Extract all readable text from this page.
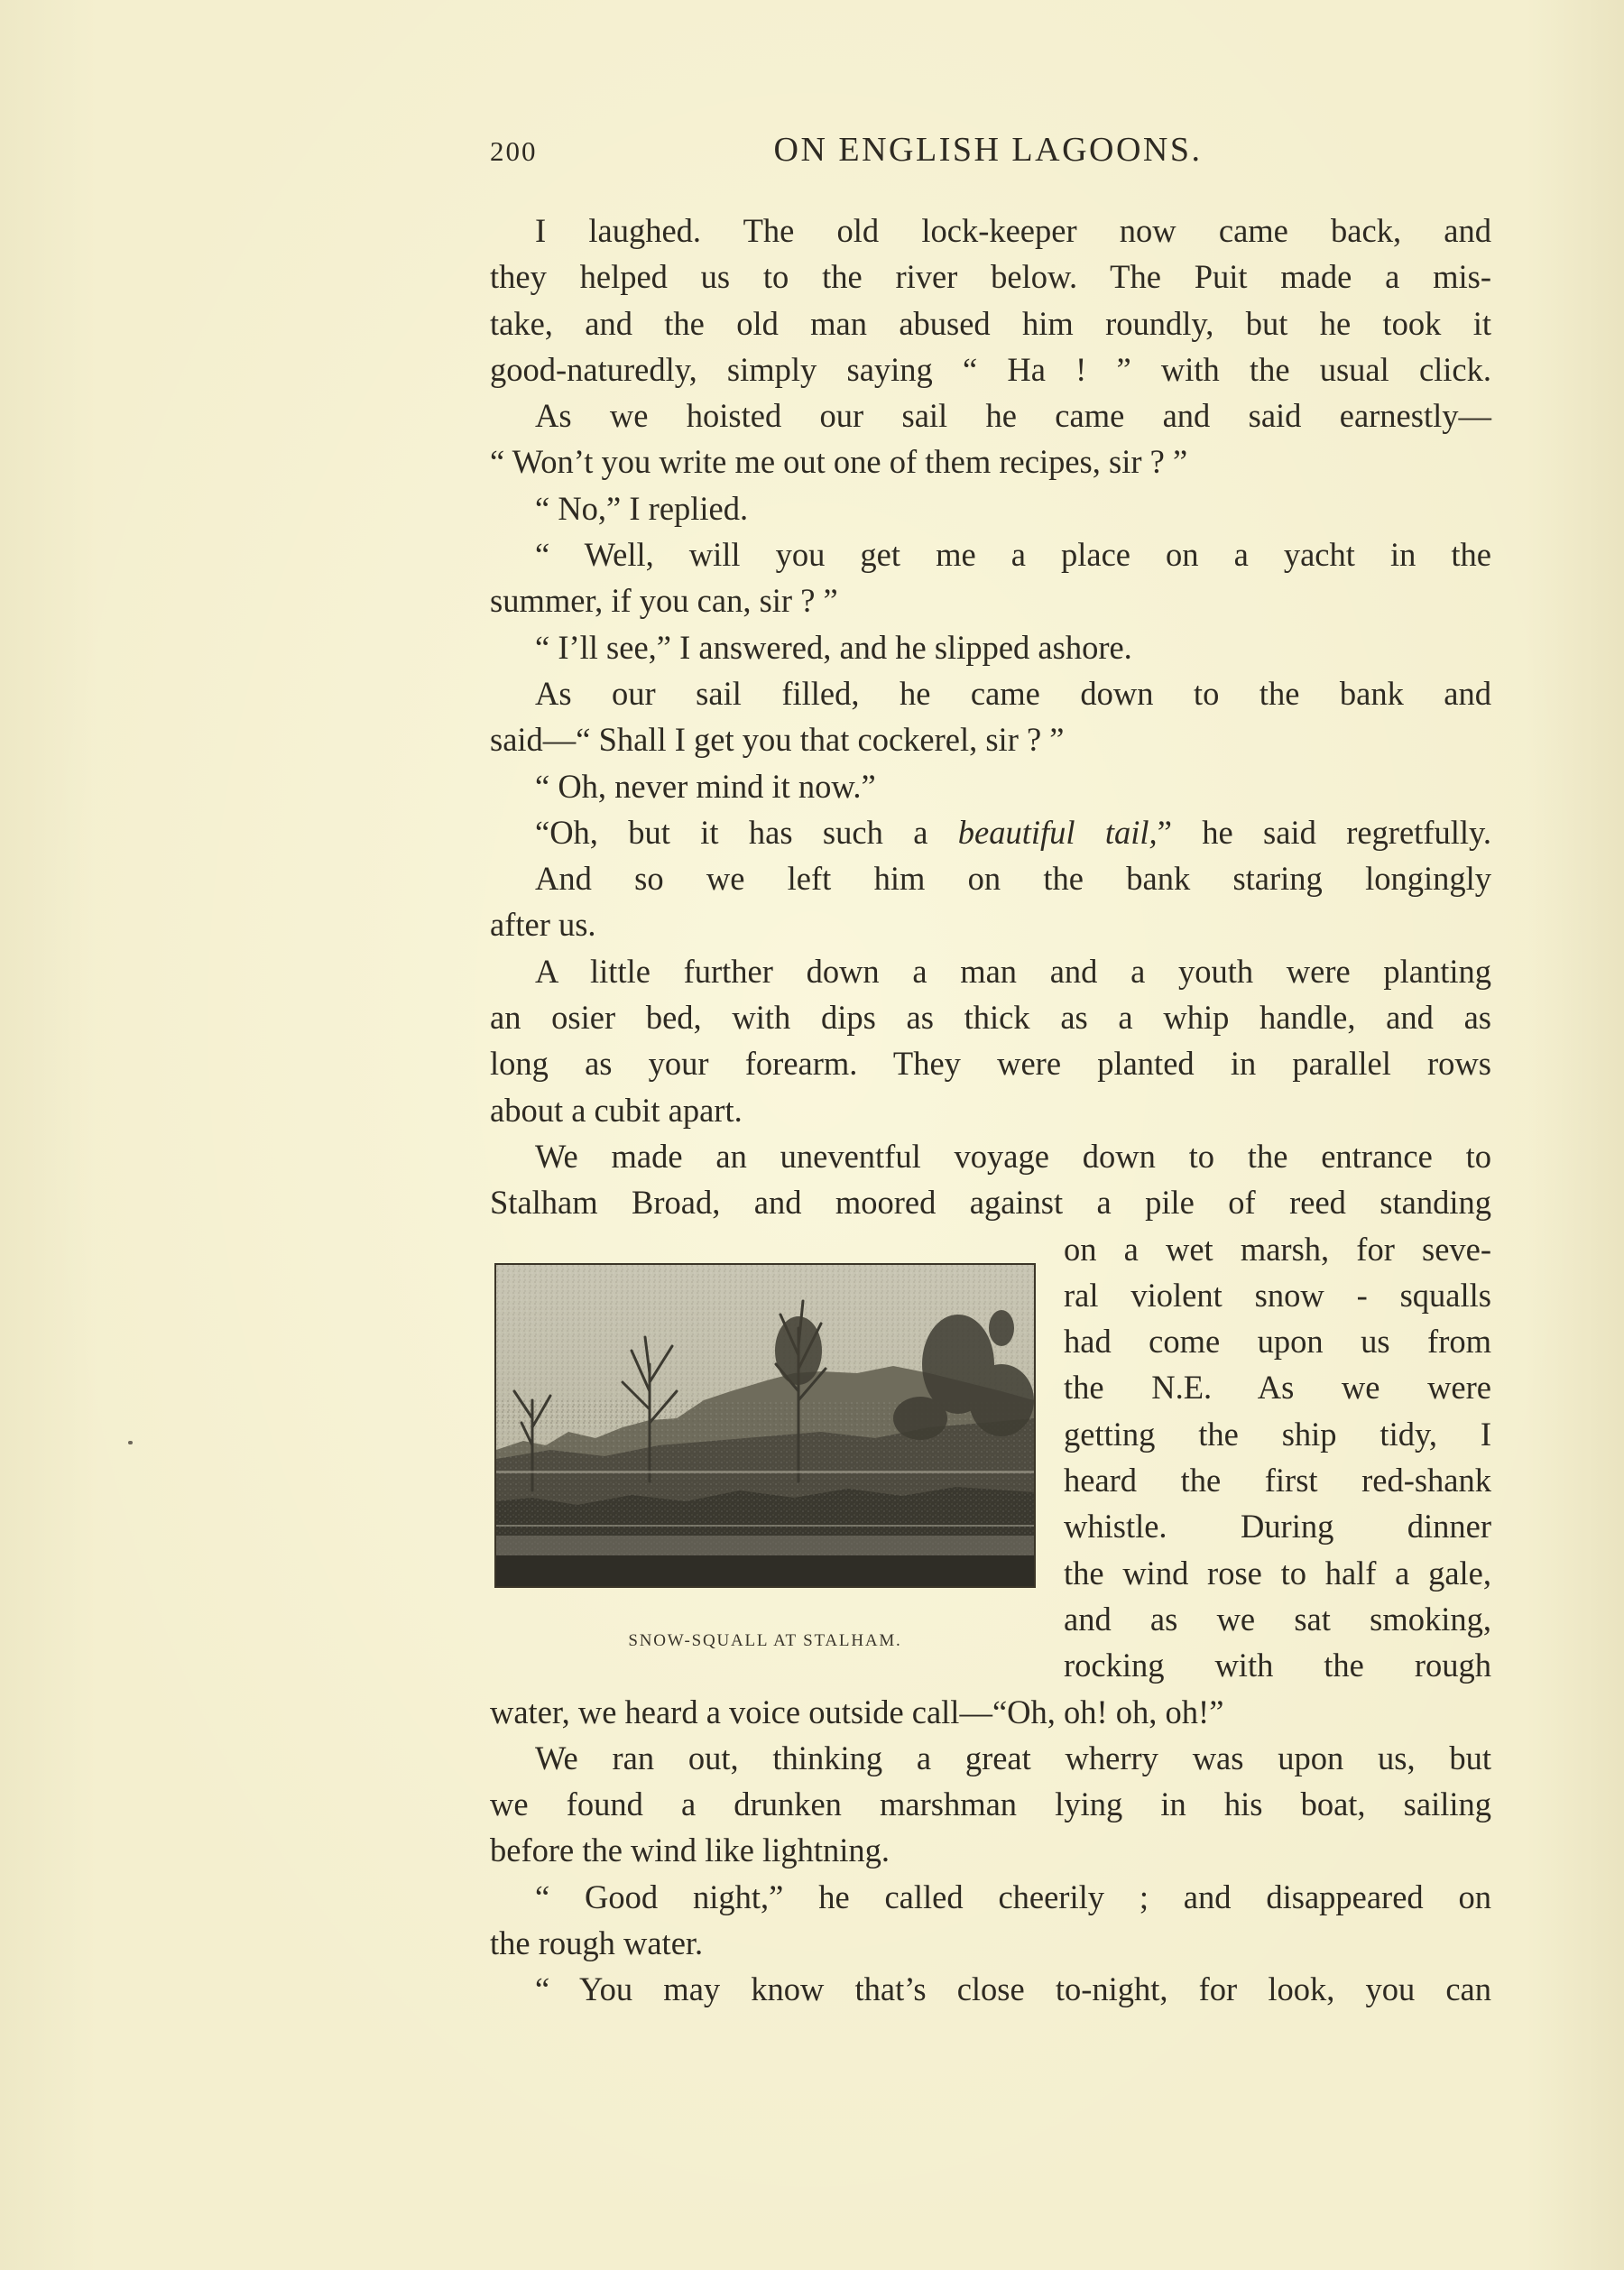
200	ON ENGLISH LAGOONS.
I laughed. The old lock-keeper now came back, and
they helped us to the river below. The Puit made a mis-
take, and the old man abused him roundly, but he took it
good-naturedly, simply saying “ Ha ! ” with the usual click.
As we hoisted our sail he came and said earnestly—
“ Won’t you write me out one of them recipes, sir ? ”
“ No,” I replied.
“ Well, will you get me a place on a yacht in the
summer, if you can, sir ? ”
“ I’ll see,” I answered, and he slipped ashore.
As our sail filled, he came down to the bank and
said—“ Shall I get you that cockerel, sir ? ”
“ Oh, never mind it now.”
“Oh, but it has such a beautiful tail,” he said regretfully.
And so we left him on the bank staring longingly
after us.
A little further down a man and a youth were planting
an osier bed, with dips as thick as a whip handle, and as
long as your forearm. They were planted in parallel rows
about a cubit apart.
We made an uneventful voyage down to the entrance to
Stalham Broad, and moored against a pile of reed standing
on a wet marsh, for seve-
ral violent snow - squalls
had come upon us from
the N.E. As we were
getting the ship tidy, I
heard the first red-shank
whistle. During dinner
the wind rose to half a gale,
and as we sat smoking,
rocking with the rough
water, we heard a voice outside call—“Oh, oh! oh, oh!”
We ran out, thinking a great wherry was upon us, but
we found a drunken marshman lying in his boat, sailing
before the wind like lightning.
“ Good night,” he called cheerily ; and disappeared on
the rough water.
“ You may know that’s close to-night, for look, you can
SNOW-SQUALL AT STALHAM.
